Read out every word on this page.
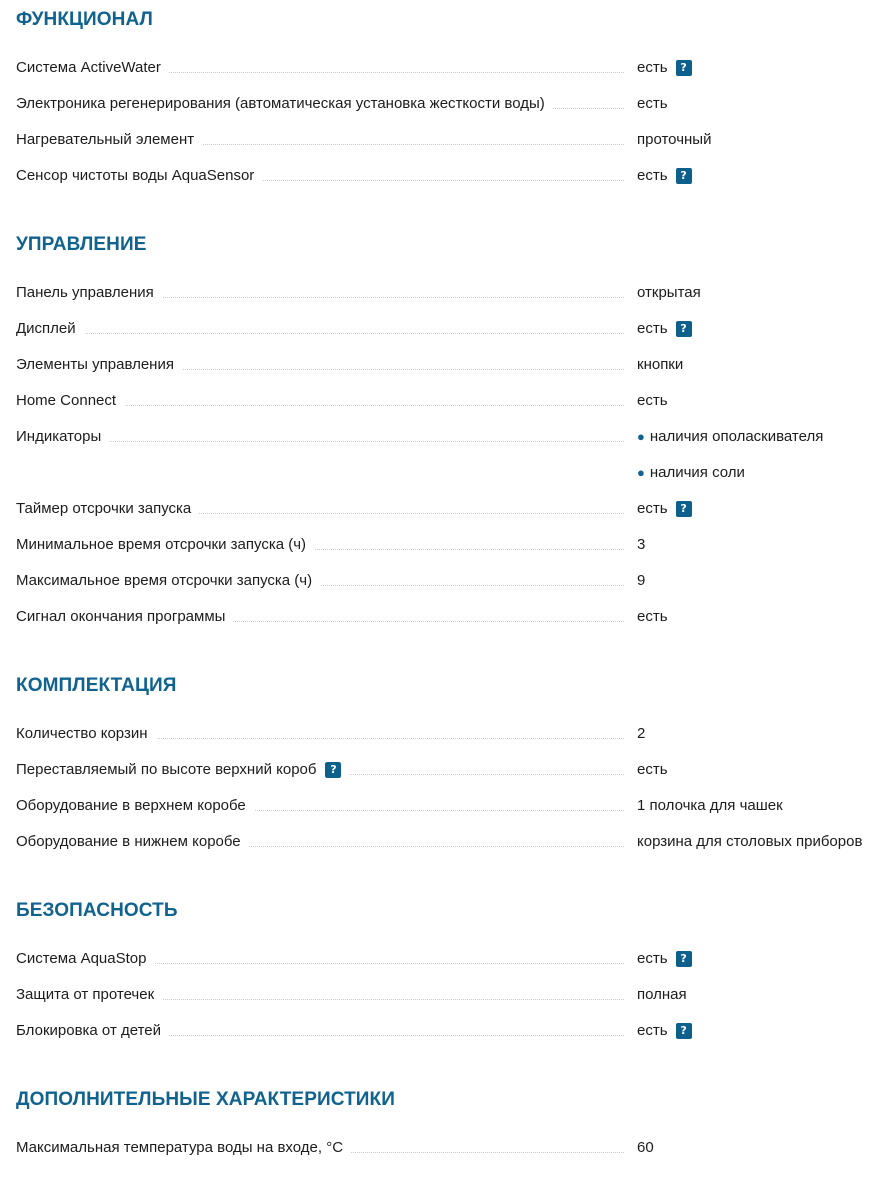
ФУНКЦИОНАЛ
Система ActiveWater	есть	?
Электроника регенерирования (автоматическая установка жесткости воды)	есть
Нагревательный элемент	проточный
Сенсор чистоты воды AquaSensor	есть	?
УПРАВЛЕНИЕ
Панель управления	открытая
Дисплей	есть	?
Элементы управления	кнопки
Home Connect	есть
Индикаторы	● наличия ополаскивателя
● наличия соли
Таймер отсрочки запуска	есть	?
Минимальное время отсрочки запуска (ч)	3
Максимальное время отсрочки запуска (ч)	9
Сигнал окончания программы	есть
КОМПЛЕКТАЦИЯ
Количество корзин	2
Переставляемый по высоте верхний короб	?	есть
Оборудование в верхнем коробе	1 полочка для чашек
Оборудование в нижнем коробе	корзина для столовых приборов
БЕЗОПАСНОСТЬ
Система AquaStop	есть	?
Защита от протечек	полная
Блокировка от детей	есть	?
ДОПОЛНИТЕЛЬНЫЕ ХАРАКТЕРИСТИКИ
Максимальная температура воды на входе, °C	60
